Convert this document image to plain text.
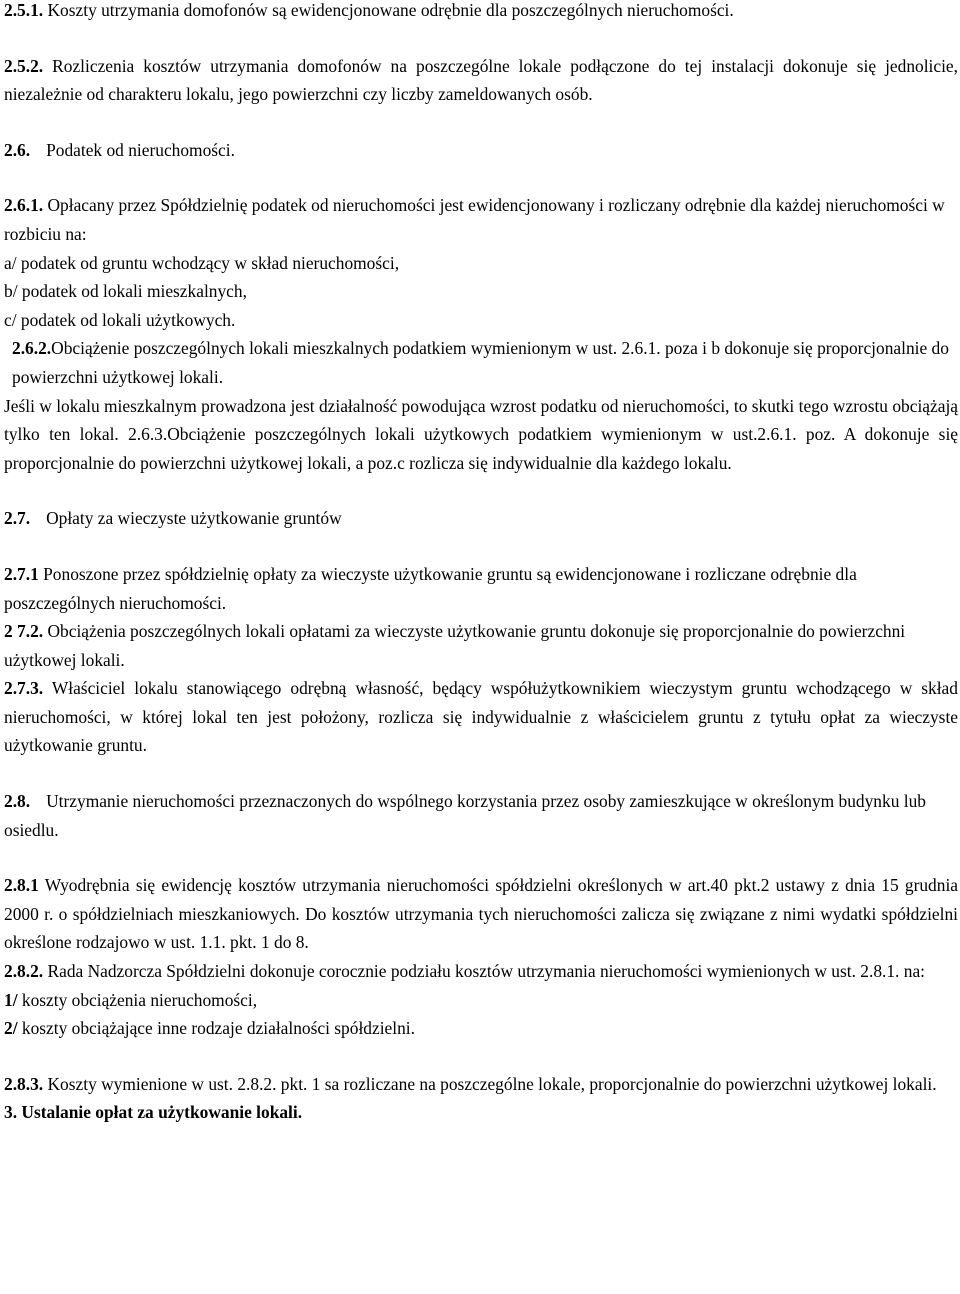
2.5.1. Koszty utrzymania domofonów są ewidencjonowane odrębnie dla poszczególnych nieruchomości.

2.5.2. Rozliczenia kosztów utrzymania domofonów na poszczególne lokale podłączone do tej instalacji dokonuje się jednolicie, niezależnie od charakteru lokalu, jego powierzchni czy liczby zameldowanych osób.

2.6. Podatek od nieruchomości.

2.6.1. Opłacany przez Spółdzielnię podatek od nieruchomości jest ewidencjonowany i rozliczany odrębnie dla każdej nieruchomości w rozbiciu na:

a/ podatek od gruntu wchodzący w skład nieruchomości,

b/ podatek od lokali mieszkalnych,

c/ podatek od lokali użytkowych.

2.6.2.Obciążenie poszczególnych lokali mieszkalnych podatkiem wymienionym w ust. 2.6.1. poza i b dokonuje się proporcjonalnie do powierzchni użytkowej lokali.

Jeśli w lokalu mieszkalnym prowadzona jest działalność powodująca wzrost podatku od nieruchomości, to skutki tego wzrostu obciążają tylko ten lokal. 2.6.3.Obciążenie poszczególnych lokali użytkowych podatkiem wymienionym w ust.2.6.1. poz. A dokonuje się proporcjonalnie do powierzchni użytkowej lokali, a poz.c rozlicza się indywidualnie dla każdego lokalu.

2.7. Opłaty za wieczyste użytkowanie gruntów

2.7.1 Ponoszone przez spółdzielnię opłaty za wieczyste użytkowanie gruntu są ewidencjonowane i rozliczane odrębnie dla poszczególnych nieruchomości.

2 7.2. Obciążenia poszczególnych lokali opłatami za wieczyste użytkowanie gruntu dokonuje się proporcjonalnie do powierzchni użytkowej lokali.

2.7.3. Właściciel lokalu stanowiącego odrębną własność, będący współużytkownikiem wieczystym gruntu wchodzącego w skład nieruchomości, w której lokal ten jest położony, rozlicza się indywidualnie z właścicielem gruntu z tytułu opłat za wieczyste użytkowanie gruntu.

2.8. Utrzymanie nieruchomości przeznaczonych do wspólnego korzystania przez osoby zamieszkujące w określonym budynku lub osiedlu.

2.8.1 Wyodrębnia się ewidencję kosztów utrzymania nieruchomości spółdzielni określonych w art.40 pkt.2 ustawy z dnia 15 grudnia 2000 r. o spółdzielniach mieszkaniowych. Do kosztów utrzymania tych nieruchomości zalicza się związane z nimi wydatki spółdzielni określone rodzajowo w ust. 1.1. pkt. 1 do 8.

2.8.2. Rada Nadzorcza Spółdzielni dokonuje corocznie podziału kosztów utrzymania nieruchomości wymienionych w ust. 2.8.1. na:

1/ koszty obciążenia nieruchomości,

2/ koszty obciążające inne rodzaje działalności spółdzielni.

2.8.3. Koszty wymienione w ust. 2.8.2. pkt. 1 sa rozliczane na poszczególne lokale, proporcjonalnie do powierzchni użytkowej lokali.

3. Ustalanie opłat za użytkowanie lokali.
